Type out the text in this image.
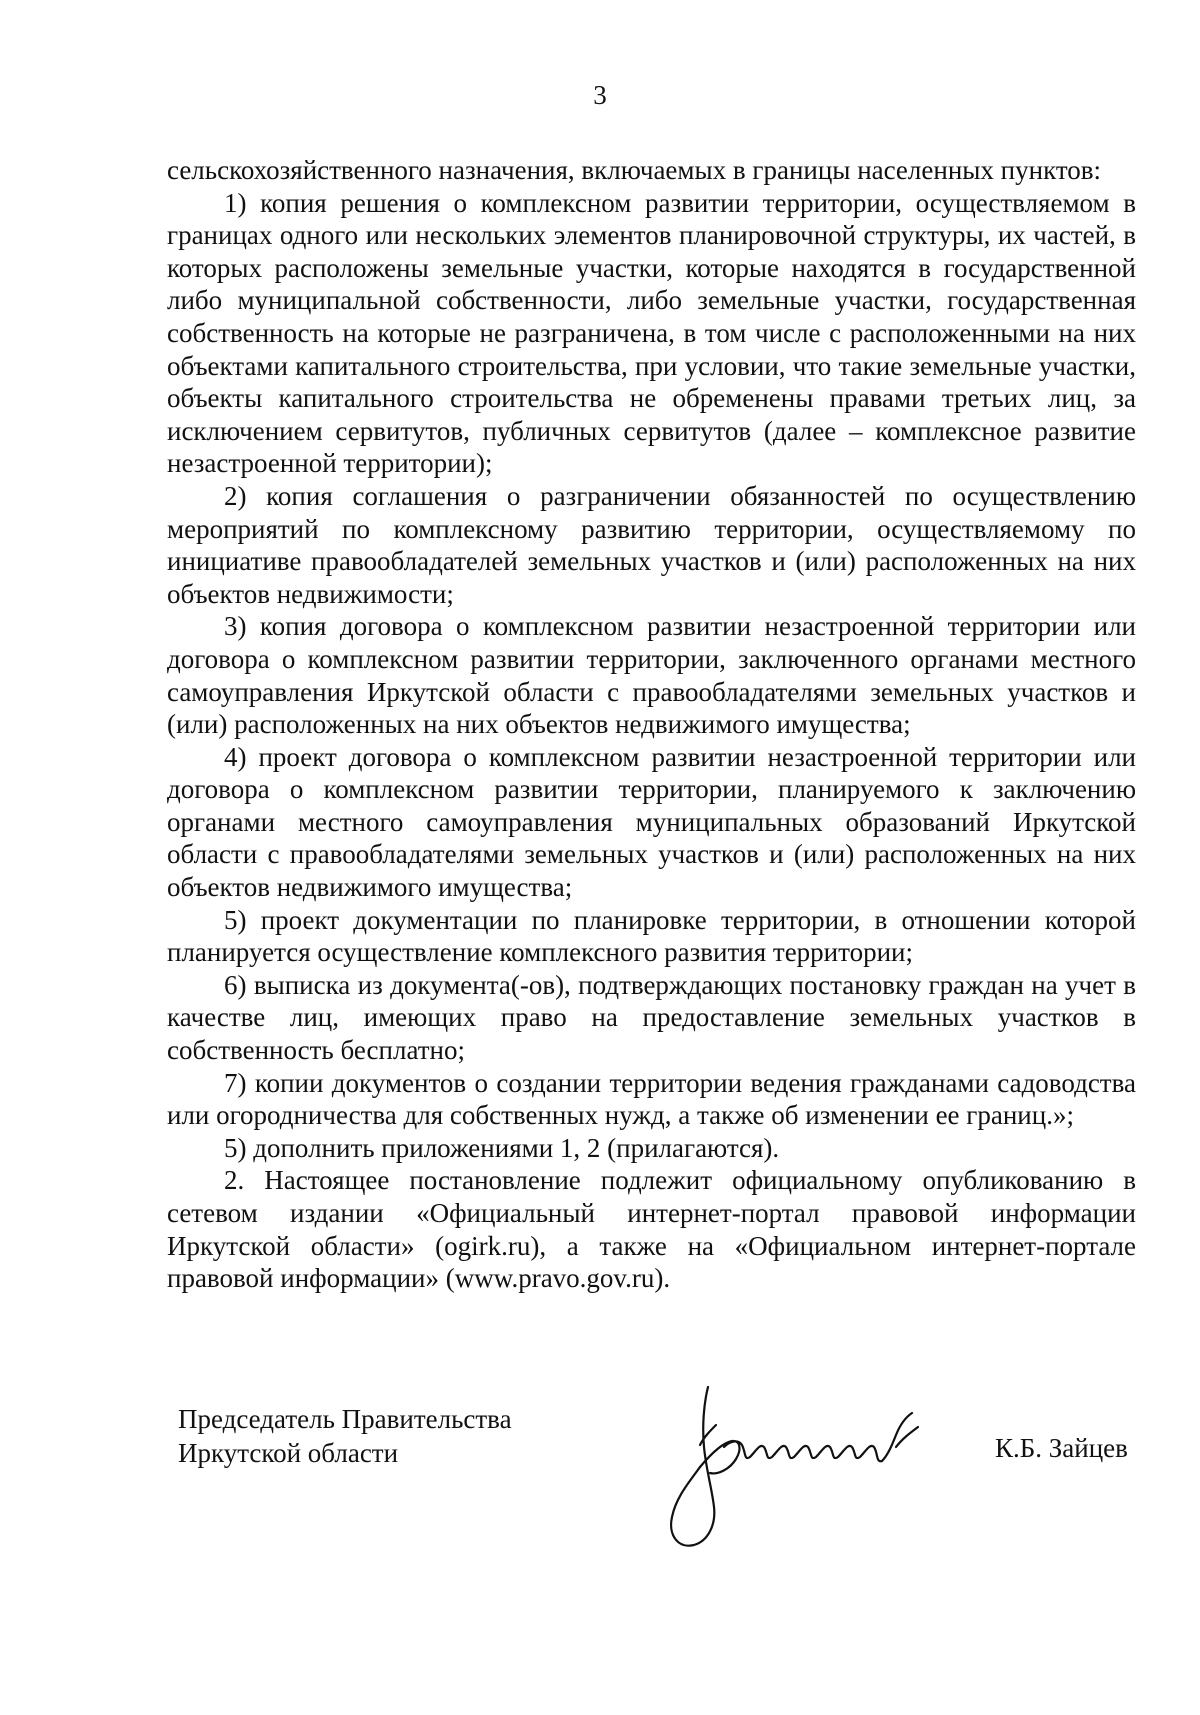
3

сельскохозяйственного назначения, включаемых в границы населенных пунктов:

1) копия решения о комплексном развитии территории, осуществляемом в границах одного или нескольких элементов планировочной структуры, их частей, в которых расположены земельные участки, которые находятся в государственной либо муниципальной собственности, либо земельные участки, государственная собственность на которые не разграничена, в том числе с расположенными на них объектами капитального строительства, при условии, что такие земельные участки, объекты капитального строительства не обременены правами третьих лиц, за исключением сервитутов, публичных сервитутов (далее – комплексное развитие незастроенной территории);

2) копия соглашения о разграничении обязанностей по осуществлению мероприятий по комплексному развитию территории, осуществляемому по инициативе правообладателей земельных участков и (или) расположенных на них объектов недвижимости;

3) копия договора о комплексном развитии незастроенной территории или договора о комплексном развитии территории, заключенного органами местного самоуправления Иркутской области с правообладателями земельных участков и (или) расположенных на них объектов недвижимого имущества;

4) проект договора о комплексном развитии незастроенной территории или договора о комплексном развитии территории, планируемого к заключению органами местного самоуправления муниципальных образований Иркутской области с правообладателями земельных участков и (или) расположенных на них объектов недвижимого имущества;

5) проект документации по планировке территории, в отношении которой планируется осуществление комплексного развития территории;

6) выписка из документа(-ов), подтверждающих постановку граждан на учет в качестве лиц, имеющих право на предоставление земельных участков в собственность бесплатно;

7) копии документов о создании территории ведения гражданами садоводства или огородничества для собственных нужд, а также об изменении ее границ.»;

5) дополнить приложениями 1, 2 (прилагаются).

2. Настоящее постановление подлежит официальному опубликованию в сетевом издании «Официальный интернет-портал правовой информации Иркутской области» (ogirk.ru), а также на «Официальном интернет-портале правовой информации» (www.pravo.gov.ru).

Председатель Правительства
Иркутской области	К.Б. Зайцев
